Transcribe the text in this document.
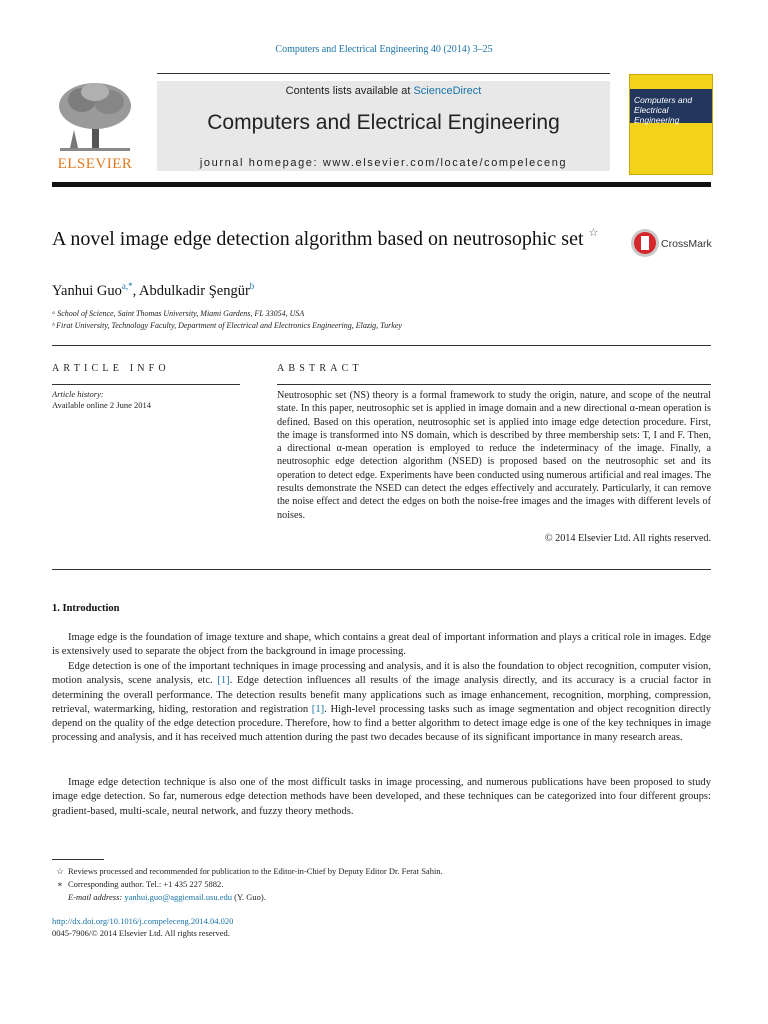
Computers and Electrical Engineering 40 (2014) 3–25
ELSEVIER
Contents lists available at ScienceDirect
Computers and Electrical Engineering
journal homepage: www.elsevier.com/locate/compeleceng
Computers and Electrical Engineering
A novel image edge detection algorithm based on neutrosophic set ☆
CrossMark
Yanhui Guo$^{a,*}$, Abdulkadir Şengür$^b$
ᵃ School of Science, Saint Thomas University, Miami Gardens, FL 33054, USA
ᵇ Firat University, Technology Faculty, Department of Electrical and Electronics Engineering, Elazig, Turkey
ARTICLE INFO	ABSTRACT
Article history:
Available online 2 June 2014
Neutrosophic set (NS) theory is a formal framework to study the origin, nature, and scope of the neutral state. In this paper, neutrosophic set is applied in image domain and a new directional α-mean operation is defined. Based on this operation, neutrosophic set is applied into image edge detection procedure. First, the image is transformed into NS domain, which is described by three membership sets: T, I and F. Then, a directional α-mean operation is employed to reduce the indeterminacy of the image. Finally, a neutrosophic edge detection algorithm (NSED) is proposed based on the neutrosophic set and its operation to detect edge. Experiments have been conducted using numerous artificial and real images. The results demonstrate the NSED can detect the edges effectively and accurately. Particularly, it can remove the noise effect and detect the edges on both the noise-free images and the images with different levels of noises.
© 2014 Elsevier Ltd. All rights reserved.
1. Introduction
Image edge is the foundation of image texture and shape, which contains a great deal of important information and plays a critical role in images. Edge is extensively used to separate the object from the background in image processing.
Edge detection is one of the important techniques in image processing and analysis, and it is also the foundation to object recognition, computer vision, motion analysis, scene analysis, etc. [1]. Edge detection influences all results of the image analysis directly, and its accuracy is a crucial factor in determining the overall performance. The detection results benefit many applications such as image enhancement, recognition, morphing, compression, retrieval, watermarking, hiding, restoration and registration [1]. High-level processing tasks such as image segmentation and object recognition directly depend on the quality of the edge detection procedure. Therefore, how to find a better algorithm to detect image edge is one of the key techniques in image processing and analysis, and it has received much attention during the past two decades because of its significant importance in many research areas.
Image edge detection technique is also one of the most difficult tasks in image processing, and numerous publications have been proposed to study image edge detection. So far, numerous edge detection methods have been developed, and these techniques can be categorized into four different groups: gradient-based, multi-scale, neural network, and fuzzy theory methods.
☆ Reviews processed and recommended for publication to the Editor-in-Chief by Deputy Editor Dr. Ferat Sahin.
∗ Corresponding author. Tel.: +1 435 227 5882.
E-mail address: yanhui.guo@aggiemail.usu.edu (Y. Guo).
http://dx.doi.org/10.1016/j.compeleceng.2014.04.020
0045-7906/© 2014 Elsevier Ltd. All rights reserved.
